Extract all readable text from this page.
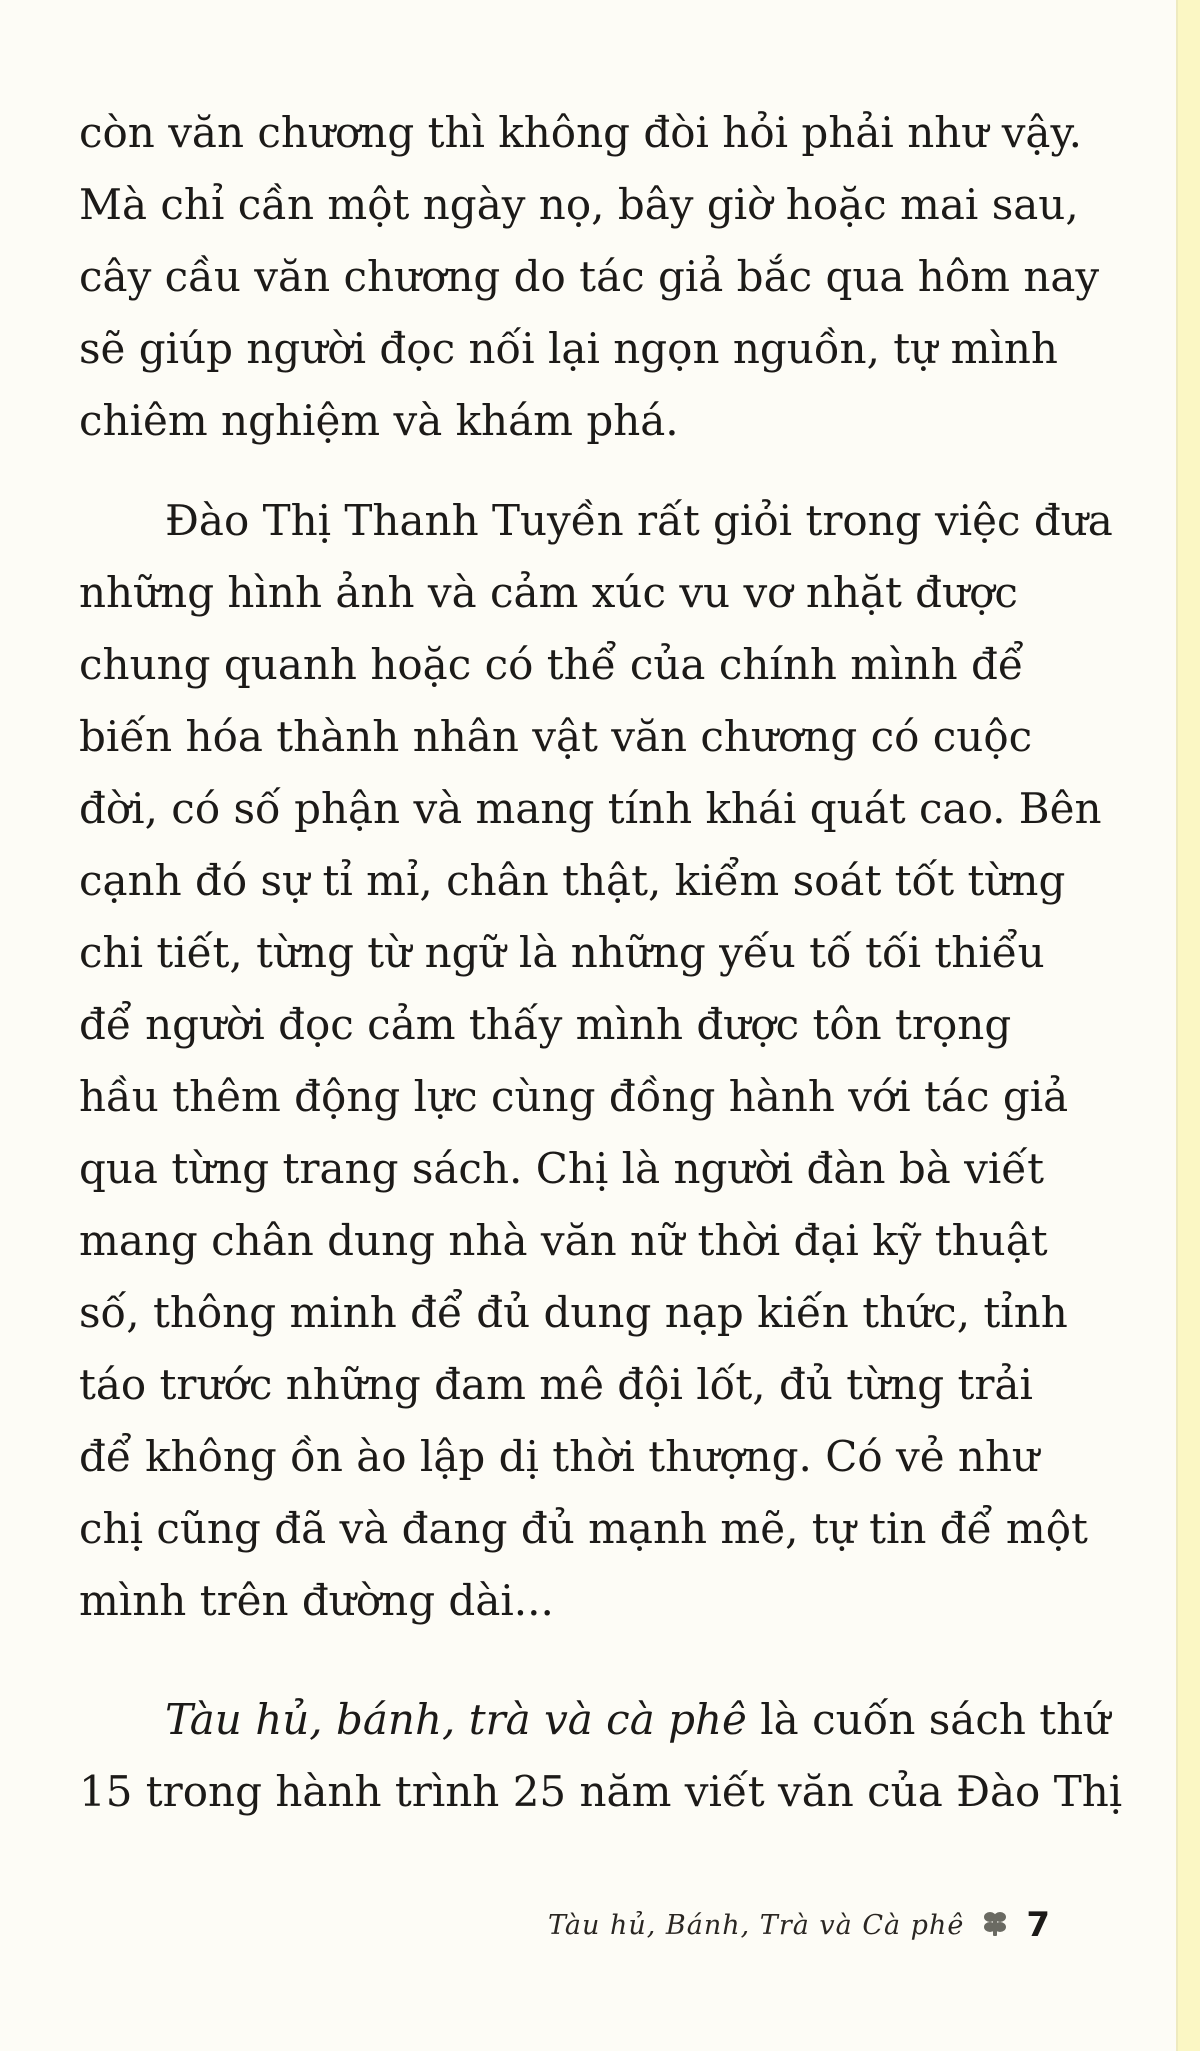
còn văn chương thì không đòi hỏi phải như vậy.
Mà chỉ cần một ngày nọ, bây giờ hoặc mai sau,
cây cầu văn chương do tác giả bắc qua hôm nay
sẽ giúp người đọc nối lại ngọn nguồn, tự mình
chiêm nghiệm và khám phá.
Đào Thị Thanh Tuyền rất giỏi trong việc đưa
những hình ảnh và cảm xúc vu vơ nhặt được
chung quanh hoặc có thể của chính mình để
biến hóa thành nhân vật văn chương có cuộc
đời, có số phận và mang tính khái quát cao. Bên
cạnh đó sự tỉ mỉ, chân thật, kiểm soát tốt từng
chi tiết, từng từ ngữ là những yếu tố tối thiểu
để người đọc cảm thấy mình được tôn trọng
hầu thêm động lực cùng đồng hành với tác giả
qua từng trang sách. Chị là người đàn bà viết
mang chân dung nhà văn nữ thời đại kỹ thuật
số, thông minh để đủ dung nạp kiến thức, tỉnh
táo trước những đam mê đội lốt, đủ từng trải
để không ồn ào lập dị thời thượng. Có vẻ như
chị cũng đã và đang đủ mạnh mẽ, tự tin để một
mình trên đường dài...
Tàu hủ, bánh, trà và cà phê là cuốn sách thứ
15 trong hành trình 25 năm viết văn của Đào Thị
Tàu hủ, Bánh, Trà và Cà phê 7
